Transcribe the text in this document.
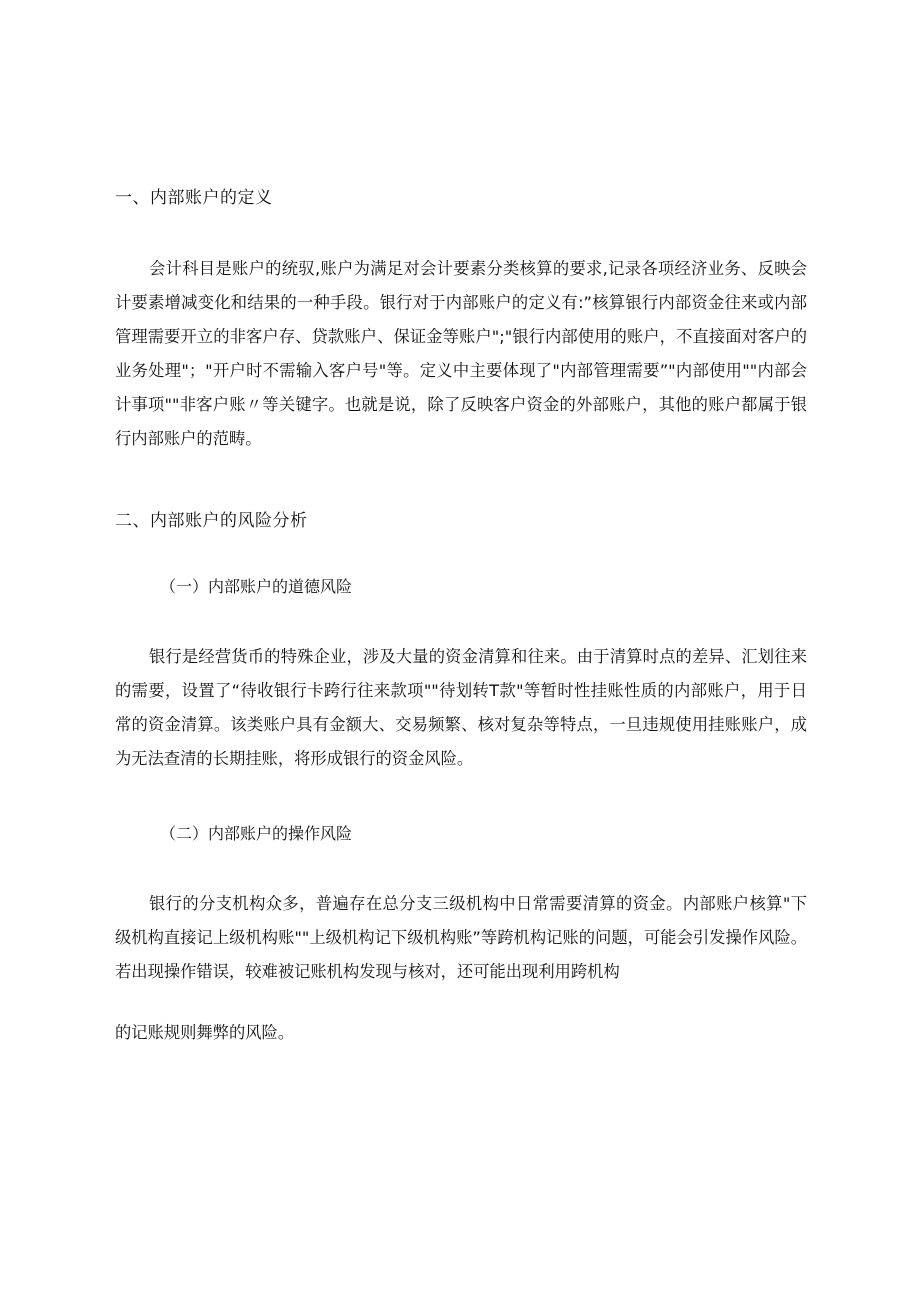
一、内部账户的定义
会计科目是账户的统驭,账户为满足对会计要素分类核算的要求,记录各项经济业务、反映会计要素增减变化和结果的一种手段。银行对于内部账户的定义有:”核算银行内部资金往来或内部管理需要开立的非客户存、贷款账户、保证金等账户";"银行内部使用的账户，不直接面对客户的业务处理"；"开户时不需输入客户号"等。定义中主要体现了"内部管理需要”"内部使用""内部会计事项""非客户账〃等关键字。也就是说，除了反映客户资金的外部账户，其他的账户都属于银行内部账户的范畴。
二、内部账户的风险分析
（一）内部账户的道德风险
银行是经营货币的特殊企业，涉及大量的资金清算和往来。由于清算时点的差异、汇划往来的需要，设置了“待收银行卡跨行往来款项""待划转T款"等暂时性挂账性质的内部账户，用于日常的资金清算。该类账户具有金额大、交易频繁、核对复杂等特点，一旦违规使用挂账账户，成为无法查清的长期挂账，将形成银行的资金风险。
（二）内部账户的操作风险
银行的分支机构众多，普遍存在总分支三级机构中日常需要清算的资金。内部账户核算"下级机构直接记上级机构账""上级机构记下级机构账”等跨机构记账的问题，可能会引发操作风险。若出现操作错误，较难被记账机构发现与核对，还可能出现利用跨机构
的记账规则舞弊的风险。
